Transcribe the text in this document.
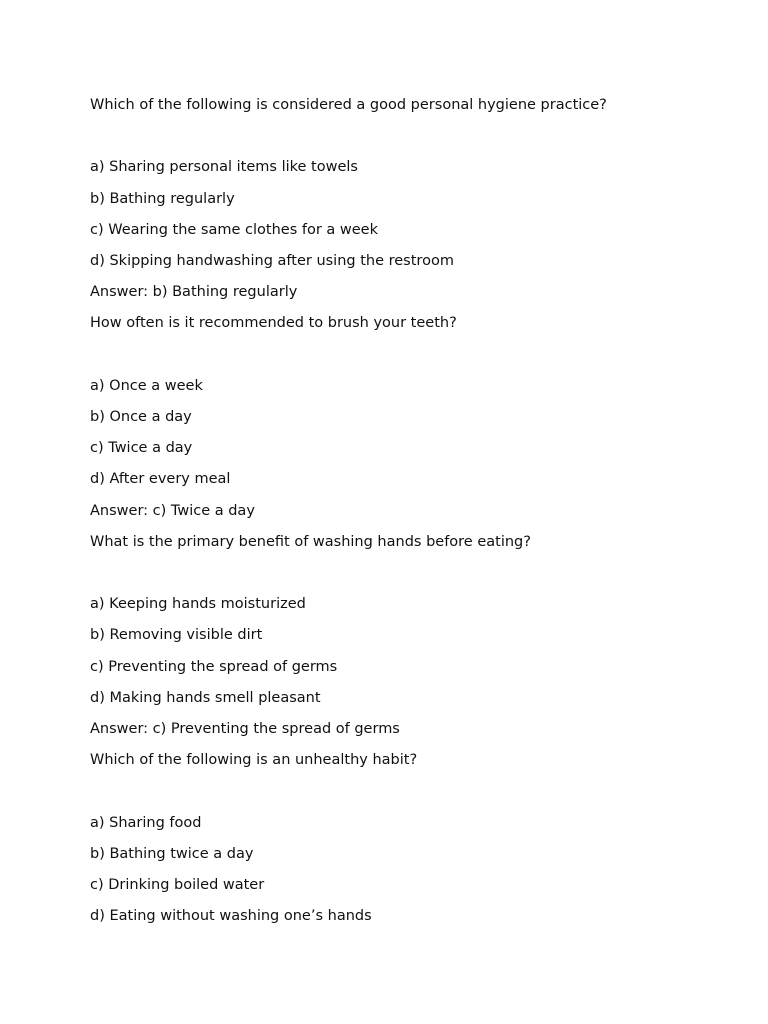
Which of the following is considered a good personal hygiene practice?

a) Sharing personal items like towels

b) Bathing regularly

c) Wearing the same clothes for a week

d) Skipping handwashing after using the restroom

Answer: b) Bathing regularly

How often is it recommended to brush your teeth?

a) Once a week

b) Once a day

c) Twice a day

d) After every meal

Answer: c) Twice a day

What is the primary benefit of washing hands before eating?

a) Keeping hands moisturized

b) Removing visible dirt

c) Preventing the spread of germs

d) Making hands smell pleasant

Answer: c) Preventing the spread of germs

Which of the following is an unhealthy habit?

a) Sharing food

b) Bathing twice a day

c) Drinking boiled water

d) Eating without washing one’s hands
